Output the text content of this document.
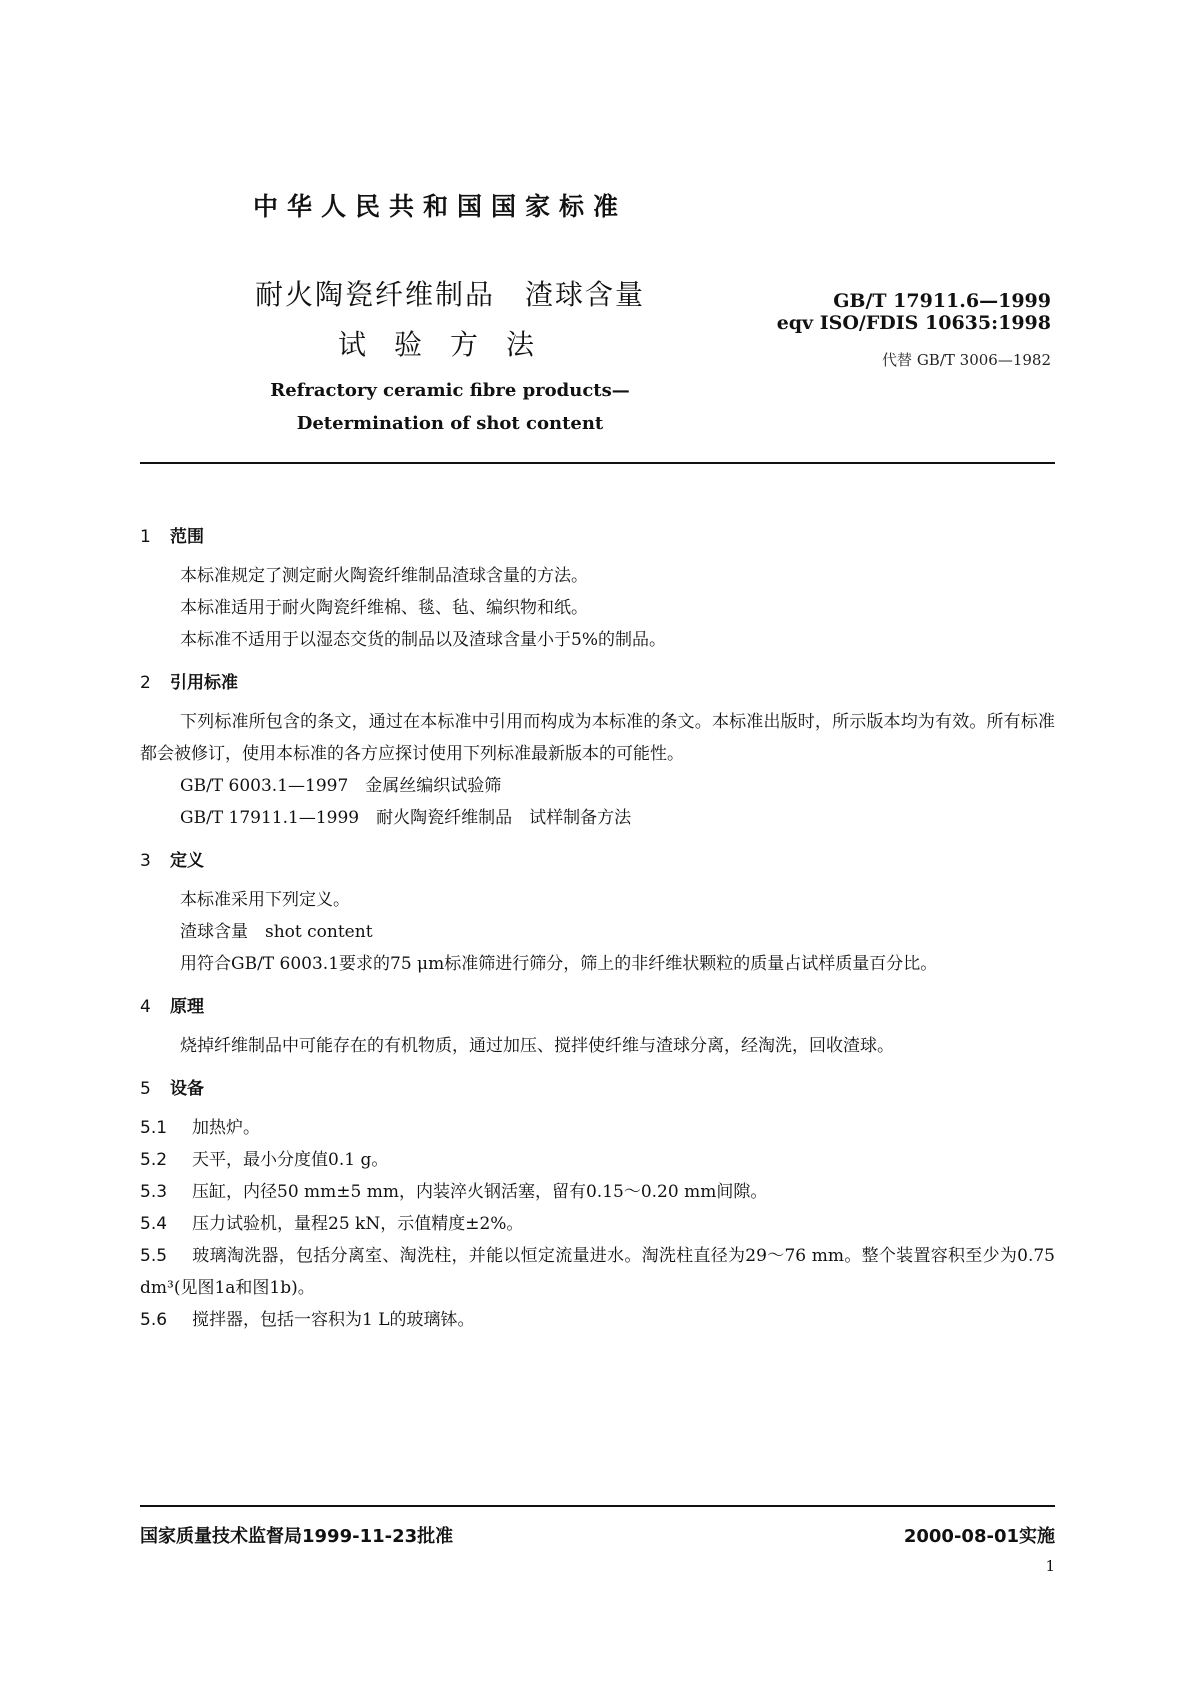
中华人民共和国国家标准
耐火陶瓷纤维制品　渣球含量
试验方法
Refractory ceramic fibre products—
Determination of shot content
GB/T 17911.6—1999
eqv ISO/FDIS 10635:1998
代替 GB/T 3006—1982
1 范围
本标准规定了测定耐火陶瓷纤维制品渣球含量的方法。
本标准适用于耐火陶瓷纤维棉、毯、毡、编织物和纸。
本标准不适用于以湿态交货的制品以及渣球含量小于5%的制品。
2 引用标准
下列标准所包含的条文，通过在本标准中引用而构成为本标准的条文。本标准出版时，所示版本均为有效。所有标准都会被修订，使用本标准的各方应探讨使用下列标准最新版本的可能性。
GB/T 6003.1—1997　金属丝编织试验筛
GB/T 17911.1—1999　耐火陶瓷纤维制品　试样制备方法
3 定义
本标准采用下列定义。
渣球含量　shot content
用符合GB/T 6003.1要求的75 μm标准筛进行筛分，筛上的非纤维状颗粒的质量占试样质量百分比。
4 原理
烧掉纤维制品中可能存在的有机物质，通过加压、搅拌使纤维与渣球分离，经淘洗，回收渣球。
5 设备
5.1 加热炉。
5.2 天平，最小分度值0.1 g。
5.3 压缸，内径50 mm±5 mm，内装淬火钢活塞，留有0.15～0.20 mm间隙。
5.4 压力试验机，量程25 kN，示值精度±2%。
5.5 玻璃淘洗器，包括分离室、淘洗柱，并能以恒定流量进水。淘洗柱直径为29～76 mm。整个装置容积至少为0.75 dm³(见图1a和图1b)。
5.6 搅拌器，包括一容积为1 L的玻璃钵。
国家质量技术监督局1999-11-23批准	2000-08-01实施
1
